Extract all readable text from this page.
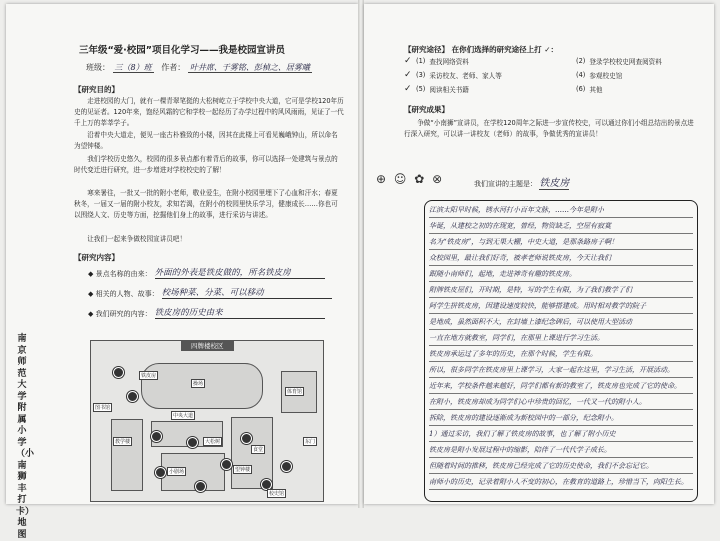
三年级“爱·校园”项目化学习——我是校园宣讲员
班级： 三（8）班 作者： 叶井席、于雾铭、彭楨之、居雾曦
【研究目的】
走进校园的大门，就有一棵青翠笔挺的大松树屹立于学校中央大道，它可是学校120年历史的见证者。120年来，饱经风霜的它和学校一起经历了办学过程中的风风雨雨，见证了一代千上万的莘莘学子。
沿着中央大道走，便见一座古朴雅致的小楼，因其在此楼上可看见巍峨钟山，所以命名为望钟楼。
我们学校历史悠久，校园的很多景点都有着背后的故事，你可以选择一处建筑与景点的时代变迁进行研究，进一步增进对学校校史的了解！
寒来暑往，一批又一批的附小老师，敬业爱生，在附小校园里埋下了心血和汗水；春夏秋冬，一届又一届的附小校友，求知若渴，在附小的校园里快乐学习，健康成长……你也可以围绕人文、历史等方面，挖掘他们身上的故事，进行采访与讲述。
让我们一起来争做校园宣讲员吧！
【研究内容】
◆ 景点名称的由来： 外面的外表是铁皮做的，所名铁皮房
◆ 相关的人物、故事： 校场种菜、分菜、可以移动
◆ 我们研究的内容： 铁皮房的历史由来
南京师范大学附属小学（小南狮丰打卡）地图
四牌楼校区
铁皮房
体育馆
图书馆
教学楼
中央大道
大松树
操场
食堂
望钟楼
小剧场
校史馆
东门
【研究途径】 在你们选择的研究途径上打 ✓：
✓ (1) 查找网络资料	(2) 登录学校校史网查阅资料
✓ (3) 采访校友、老师、家人等	(4) 参观校史馆
✓ (5) 阅读相关书籍	(6) 其他
【研究成果】
争做“小南狮”宣讲员，在学校120周年之际进一步宣传校史，可以通过你们小组总结出的景点进行深入研究，可以讲一讲校友（老师）的故事，争做优秀的宣讲员！
⊕ ☺ ✿ ⊗	我们宣讲的主题是： 铁皮房
江滨太阳早时候，锈水河打小百年文脉，……今年是附小
华诞，从建校之初的在现宽，曾经，物资缺乏，空屋有寂寞
名为“铁皮房”，与到无果大棚，中史大道，是那条路房子啊！
众校园里，最让我们好奇，被孝老师说铁皮房，今天让我们
跟随小南师们，起地，走进神奇有趣的铁皮房。
附牌铁皮屋们，开时期，是特，写的学生有限，为了我们教学了们
阿学生拼铁皮房，因建设速度较快，能够搭建成。用时相对教学的院子
是地成，虽然面积不大，在封墙上漆纪念碑后，可以使用大型活动
一直在地方就教室，同学们，在那里上课进行学习生活。
铁皮房承运过了多年的历史，在那个时候，学生有限。
所以，很多同学在铁皮房里上课学习，大家一起在这里，学习生活，开展活动。
近年来，学校条件越来越好，同学们都有新的教室了，铁皮房也完成了它的使命。
在附小，铁皮房却成为同学们心中珍贵的回忆，一代又一代的附小人。
拆除，铁皮房的建设逐渐成为新校园中的一部分，纪念附小。
1）通过采访，我们了解了铁皮房的故事，也了解了附小历史
铁皮房是附小发展过程中的缩影，陪伴了一代代学子成长。
但随着时间的推移，铁皮房已经完成了它的历史使命，我们不会忘记它。
南师小的历史，记录着附小人不变的初心，在教育的道路上，珍惜当下，向阳生长。
